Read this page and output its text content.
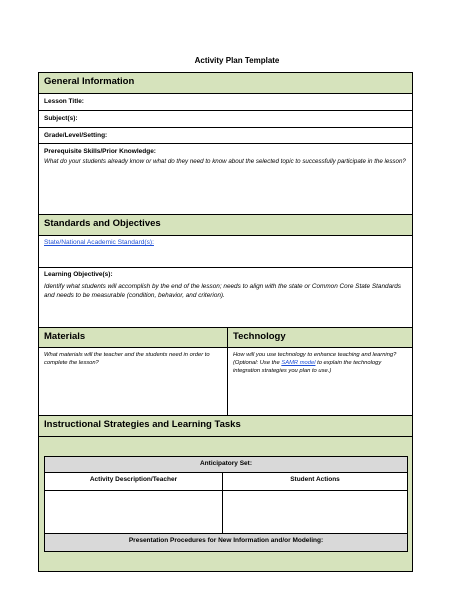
Activity Plan Template
General Information
Lesson Title:
Subject(s):
Grade/Level/Setting:
Prerequisite Skills/Prior Knowledge:
What do your students already know or what do they need to know about the selected topic to successfully participate in the lesson?
Standards and Objectives
State/National Academic Standard(s):
Learning Objective(s):
Identify what students will accomplish by the end of the lesson; needs to align with the state or Common Core State Standards and needs to be measurable (condition, behavior, and criterion).
Materials	Technology
What materials will the teacher and the students need in order to complete the lesson?
How will you use technology to enhance teaching and learning? (Optional: Use the SAMR model to explain the technology integration strategies you plan to use.)
Instructional Strategies and Learning Tasks
Anticipatory Set:
Activity Description/Teacher	Student Actions
Presentation Procedures for New Information and/or Modeling:
